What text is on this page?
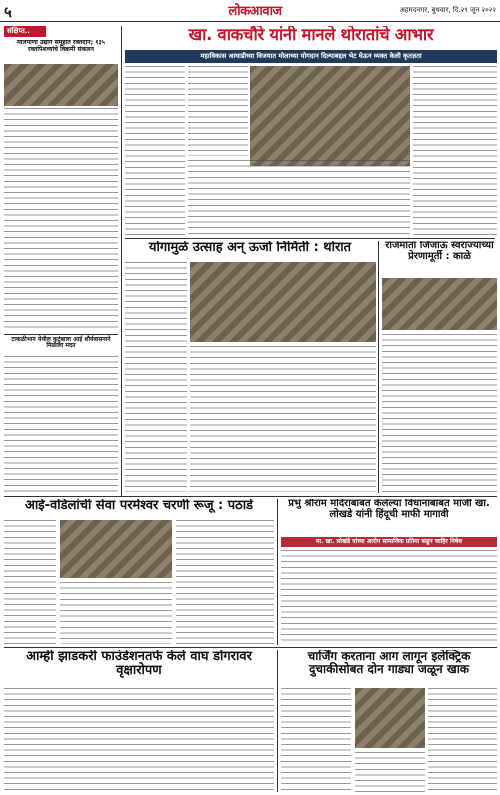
५	लोकआवाज	अहमदनगर, बुधवार, दि.२९ जून २०२२
संक्षिप्त..
मालपाणी उद्योग समूहात रक्तदान; १३५ रक्तपिशव्यांचे विक्रमी संकलन
टाकळीभान येथील कुटुंबाला आई शौर्यवासनाने मिळाला मदत
खा. वाकचौरे यांनी मानले थोरातांचे आभार
महाविकास आघाडीच्या विजयात मोलाच्या योगदान दिल्याबद्दल भेट घेऊन व्यक्त केली कृतज्ञता
योगामुळे उत्साह अन्‌ ऊर्जा निर्मिती : थोरात	राजमाता जिजाऊ स्वराज्याच्या प्रेरणामूर्ती : काळे
आई-वडिलांची सेवा परमेश्वर चरणी रूजू : पठाडे	प्रभु श्रीराम मंदिराबाबत केलेल्या विधानाबाबत माजी खा. लोखडे यांनी हिंदूची माफी मागावी
मा. खा. लोखंडे यांच्या आरोप सामाजिक प्रतिमा कडून जाहिर निषेध
आम्ही झाडकरी फाउंडेशनतर्फे केले वाघ डोंगरावर वृक्षारोपण
चार्जिंग करताना आग लागून इलेक्ट्रिक दुचाकीसोबत दोन गाड्या जळून खाक
